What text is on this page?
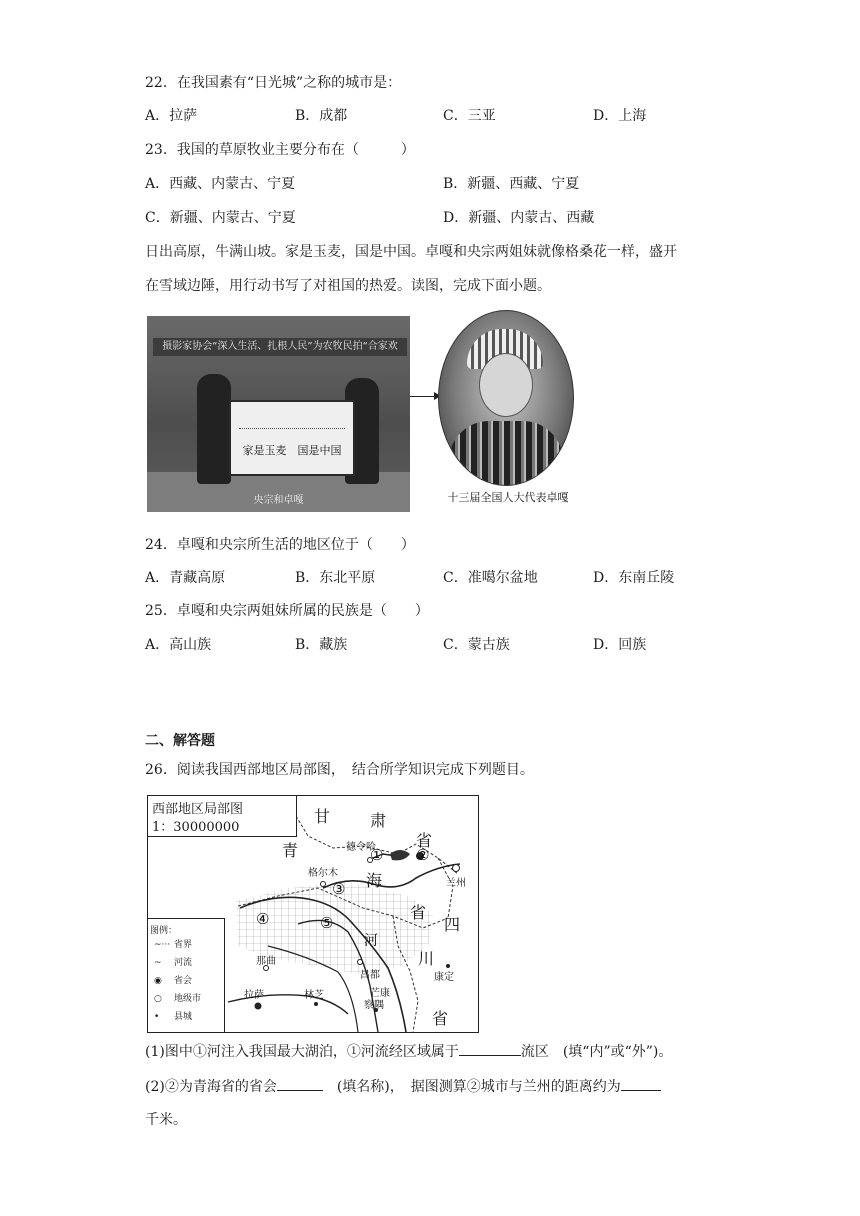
22．在我国素有“日光城”之称的城市是：
A．拉萨	B．成都	C．三亚	D．上海
23．我国的草原牧业主要分布在（　　　）
A．西藏、内蒙古、宁夏	B．新疆、西藏、宁夏
C．新疆、内蒙古、宁夏	D．新疆、内蒙古、西藏
日出高原，牛满山坡。家是玉麦，国是中国。卓嘎和央宗两姐妹就像格桑花一样，盛开
在雪域边陲，用行动书写了对祖国的热爱。读图，完成下面小题。
摄影家协会“深入生活、扎根人民”为农牧民拍“合家欢
家是玉麦　国是中国
央宗和卓嘎	十三届全国人大代表卓嘎
24．卓嘎和央宗所生活的地区位于（　　）
A．青藏高原	B．东北平原	C．准噶尔盆地	D．东南丘陵
25．卓嘎和央宗两姐妹所属的民族是（　　）
A．高山族	B．藏族	C．蒙古族	D．回族
二、解答题
26．阅读我国西部地区局部图，　结合所学知识完成下列题目。
西部地区局部图
1：30000000
甘 肃
省
青
海
省
四
川
省
德令哈
格尔木
兰州
那曲
昌都	康定
拉萨	林芝	芒康
察隅
① ②
③
④	⑤
河
图例：
~··· 省界
~ 河流
◉ 省会
○ 地级市
• 县城
(1)图中①河注入我国最大湖泊，①河流经区域属于	流区　(填“内”或“外”)。
(2)②为青海省的省会	　(填名称)，　据图测算②城市与兰州的距离约为
千米。
